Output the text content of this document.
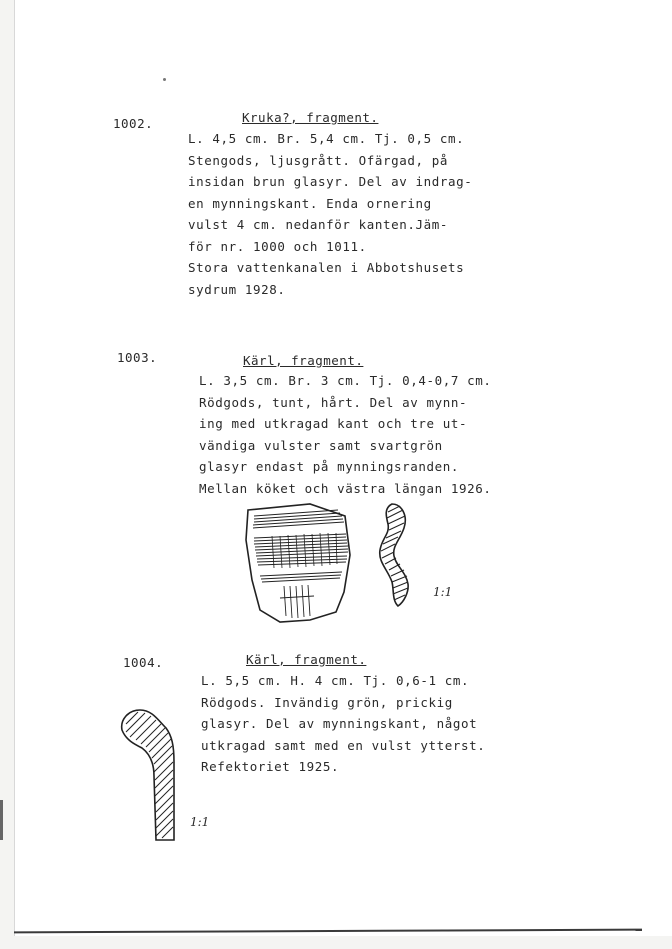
1002.	Kruka?, fragment.
L. 4,5 cm. Br. 5,4 cm. Tj. 0,5 cm.
Stengods, ljusgrått. Ofärgad, på
insidan brun glasyr. Del av indrag-
en mynningskant. Enda ornering
vulst 4 cm. nedanför kanten.Jäm-
för nr. 1000 och 1011.
Stora vattenkanalen i Abbotshusets
sydrum 1928.
1003.	Kärl, fragment.
L. 3,5 cm. Br. 3 cm. Tj. 0,4-0,7 cm.
Rödgods, tunt, hårt. Del av mynn-
ing med utkragad kant och tre ut-
vändiga vulster samt svartgrön
glasyr endast på mynningsranden.
Mellan köket och västra längan 1926.
1:1
1004.	Kärl, fragment.
L. 5,5 cm. H. 4 cm. Tj. 0,6-1 cm.
Rödgods. Invändig grön, prickig
glasyr. Del av mynningskant, något
utkragad samt med en vulst ytterst.
Refektoriet 1925.
1:1
